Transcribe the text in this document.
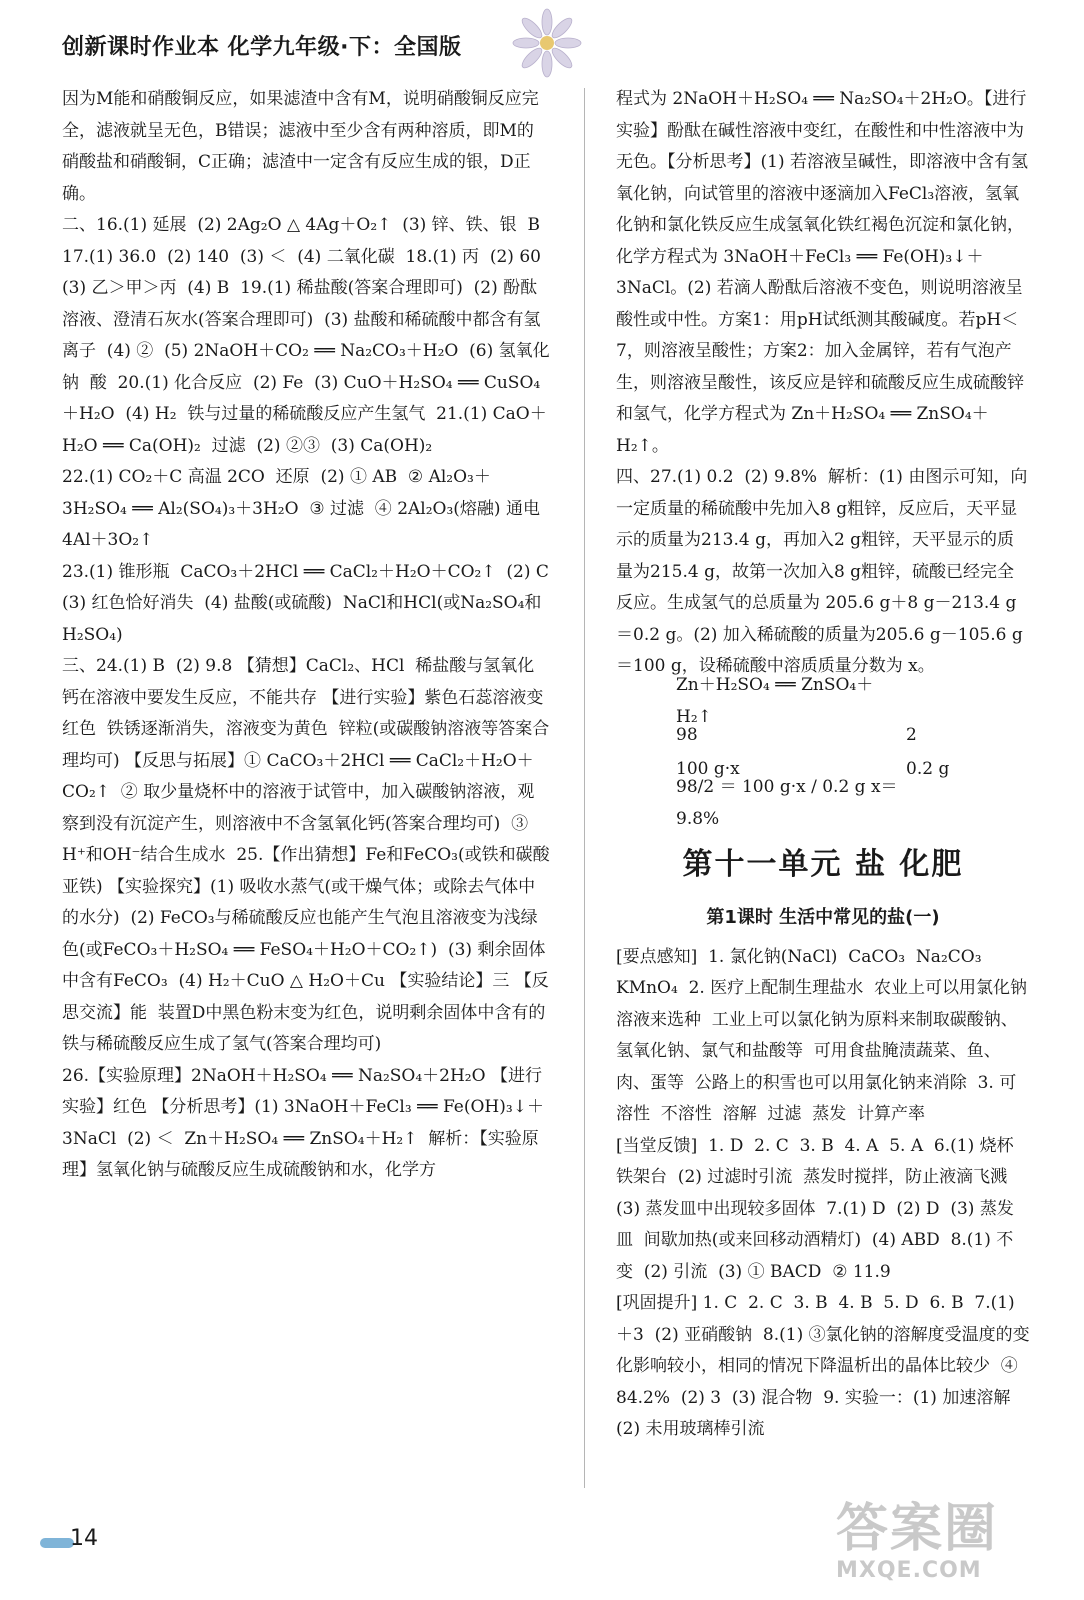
创新课时作业本 化学九年级·下：全国版

因为M能和硝酸铜反应，如果滤渣中含有M，说明硝酸铜反应完全，滤液就呈无色，B错误；滤液中至少含有两种溶质，即M的硝酸盐和硝酸铜，C正确；滤渣中一定含有反应生成的银，D正确。

二、16.(1) 延展  (2) 2Ag₂O △ 4Ag＋O₂↑  (3) 锌、铁、银  B  17.(1) 36.0  (2) 140  (3) ＜  (4) 二氧化碳  18.(1) 丙  (2) 60  (3) 乙＞甲＞丙  (4) B  19.(1) 稀盐酸(答案合理即可)  (2) 酚酞溶液、澄清石灰水(答案合理即可)  (3) 盐酸和稀硫酸中都含有氢离子  (4) ②  (5) 2NaOH＋CO₂ ══ Na₂CO₃＋H₂O  (6) 氢氧化钠  酸  20.(1) 化合反应  (2) Fe  (3) CuO＋H₂SO₄ ══ CuSO₄＋H₂O  (4) H₂  铁与过量的稀硫酸反应产生氢气  21.(1) CaO＋H₂O ══ Ca(OH)₂  过滤  (2) ②③  (3) Ca(OH)₂

22.(1) CO₂＋C 高温 2CO  还原  (2) ① AB  ② Al₂O₃＋3H₂SO₄ ══ Al₂(SO₄)₃＋3H₂O  ③ 过滤  ④ 2Al₂O₃(熔融) 通电 4Al＋3O₂↑

23.(1) 锥形瓶  CaCO₃＋2HCl ══ CaCl₂＋H₂O＋CO₂↑  (2) C  (3) 红色恰好消失  (4) 盐酸(或硫酸)  NaCl和HCl(或Na₂SO₄和H₂SO₄)

三、24.(1) B  (2) 9.8 【猜想】CaCl₂、HCl  稀盐酸与氢氧化钙在溶液中要发生反应，不能共存 【进行实验】紫色石蕊溶液变红色  铁锈逐渐消失，溶液变为黄色  锌粒(或碳酸钠溶液等答案合理均可) 【反思与拓展】① CaCO₃＋2HCl ══ CaCl₂＋H₂O＋CO₂↑  ② 取少量烧杯中的溶液于试管中，加入碳酸钠溶液，观察到没有沉淀产生，则溶液中不含氢氧化钙(答案合理均可)  ③ H⁺和OH⁻结合生成水  25.【作出猜想】Fe和FeCO₃(或铁和碳酸亚铁) 【实验探究】(1) 吸收水蒸气(或干燥气体；或除去气体中的水分)  (2) FeCO₃与稀硫酸反应也能产生气泡且溶液变为浅绿色(或FeCO₃＋H₂SO₄ ══ FeSO₄＋H₂O＋CO₂↑)  (3) 剩余固体中含有FeCO₃  (4) H₂＋CuO △ H₂O＋Cu 【实验结论】三 【反思交流】能  装置D中黑色粉末变为红色，说明剩余固体中含有的铁与稀硫酸反应生成了氢气(答案合理均可)

26.【实验原理】2NaOH＋H₂SO₄ ══ Na₂SO₄＋2H₂O 【进行实验】红色 【分析思考】(1) 3NaOH＋FeCl₃ ══ Fe(OH)₃↓＋3NaCl  (2) ＜  Zn＋H₂SO₄ ══ ZnSO₄＋H₂↑  解析：【实验原理】氢氧化钠与硫酸反应生成硫酸钠和水，化学方

程式为 2NaOH＋H₂SO₄ ══ Na₂SO₄＋2H₂O。【进行实验】酚酞在碱性溶液中变红，在酸性和中性溶液中为无色。【分析思考】(1) 若溶液呈碱性，即溶液中含有氢氧化钠，向试管里的溶液中逐滴加入FeCl₃溶液，氢氧化钠和氯化铁反应生成氢氧化铁红褐色沉淀和氯化钠，化学方程式为 3NaOH＋FeCl₃ ══ Fe(OH)₃↓＋3NaCl。(2) 若滴人酚酞后溶液不变色，则说明溶液呈酸性或中性。方案1：用pH试纸测其酸碱度。若pH＜7，则溶液呈酸性；方案2：加入金属锌，若有气泡产生，则溶液呈酸性，该反应是锌和硫酸反应生成硫酸锌和氢气，化学方程式为 Zn＋H₂SO₄ ══ ZnSO₄＋H₂↑。

四、27.(1) 0.2  (2) 9.8%  解析：(1) 由图示可知，向一定质量的稀硫酸中先加入8 g粗锌，反应后，天平显示的质量为213.4 g，再加入2 g粗锌，天平显示的质量为215.4 g，故第一次加入8 g粗锌，硫酸已经完全反应。生成氢气的总质量为 205.6 g＋8 g－213.4 g＝0.2 g。(2) 加入稀硫酸的质量为205.6 g－105.6 g＝100 g，设稀硫酸中溶质质量分数为 x。

Zn＋H₂SO₄ ══ ZnSO₄＋H₂↑
98	2
100 g·x	0.2 g
98/2 ＝ 100 g·x / 0.2 g x＝9.8%
第十一单元 盐 化肥
第1课时 生活中常见的盐(一)

[要点感知]  1. 氯化钠(NaCl)  CaCO₃  Na₂CO₃  KMnO₄  2. 医疗上配制生理盐水  农业上可以用氯化钠溶液来选种  工业上可以氯化钠为原料来制取碳酸钠、氢氧化钠、氯气和盐酸等  可用食盐腌渍蔬菜、鱼、肉、蛋等  公路上的积雪也可以用氯化钠来消除  3. 可溶性  不溶性  溶解  过滤  蒸发  计算产率

[当堂反馈]  1. D  2. C  3. B  4. A  5. A  6.(1) 烧杯  铁架台  (2) 过滤时引流  蒸发时搅拌，防止液滴飞溅  (3) 蒸发皿中出现较多固体  7.(1) D  (2) D  (3) 蒸发皿  间歇加热(或来回移动酒精灯)  (4) ABD  8.(1) 不变  (2) 引流  (3) ① BACD  ② 11.9

[巩固提升] 1. C  2. C  3. B  4. B  5. D  6. B  7.(1) ＋3  (2) 亚硝酸钠  8.(1) ③氯化钠的溶解度受温度的变化影响较小，相同的情况下降温析出的晶体比较少  ④ 84.2%  (2) 3  (3) 混合物  9. 实验一：(1) 加速溶解  (2) 未用玻璃棒引流

14	答案圈
MXQE.COM
